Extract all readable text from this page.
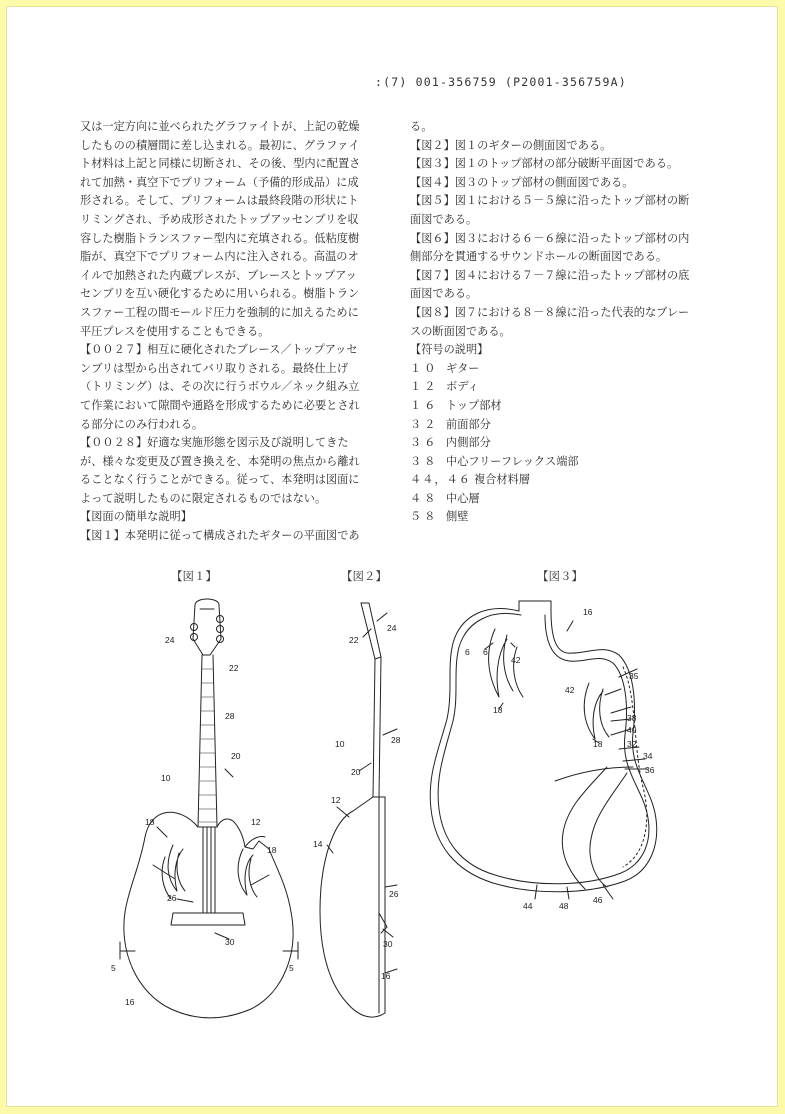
:(7) 001-356759 (P2001-356759A)
又は一定方向に並べられたグラファイトが、上記の乾燥
したものの積層間に差し込まれる。最初に、グラファイ
ト材料は上記と同様に切断され、その後、型内に配置さ
れて加熱・真空下でプリフォーム（予備的形成品）に成
形される。そして、プリフォームは最終段階の形状にト
リミングされ、予め成形されたトップアッセンブリを収
容した樹脂トランスファー型内に充填される。低粘度樹
脂が、真空下でプリフォーム内に注入される。高温のオ
イルで加熱された内蔵プレスが、ブレースとトップアッ
センブリを互い硬化するために用いられる。樹脂トラン
スファー工程の間モールド圧力を強制的に加えるために
平圧プレスを使用することもできる。
【００２７】相互に硬化されたブレース／トップアッセ
ンブリは型から出されてバリ取りされる。最終仕上げ
（トリミング）は、その次に行うボウル／ネック組み立
て作業において隙間や通路を形成するために必要とされ
る部分にのみ行われる。
【００２８】好適な実施形態を図示及び説明してきた
が、様々な変更及び置き換えを、本発明の焦点から離れ
ることなく行うことができる。従って、本発明は図面に
よって説明したものに限定されるものではない。
【図面の簡単な説明】
【図１】本発明に従って構成されたギターの平面図であ
る。
【図２】図１のギターの側面図である。
【図３】図１のトップ部材の部分破断平面図である。
【図４】図３のトップ部材の側面図である。
【図５】図１における５－５線に沿ったトップ部材の断
面図である。
【図６】図３における６－６線に沿ったトップ部材の内
側部分を貫通するサウンドホールの断面図である。
【図７】図４における７－７線に沿ったトップ部材の底
面図である。
【図８】図７における８－８線に沿った代表的なブレー
スの断面図である。
【符号の説明】
１０ ギター
１２ ボディ
１６ トップ部材
３２ 前面部分
３６ 内側部分
３８ 中心フリーフレックス端部
４４，４６ 複合材料層
４８ 中心層
５８ 側壁
【図１】	【図２】	【図３】
24
22
28
20
10
18	12
18
26
30
5	5
16
22
24
10	28
20
12
14
26
30
16
16
6 6
42
35
42
18
38
40
18	32
34
36
44	48
46
